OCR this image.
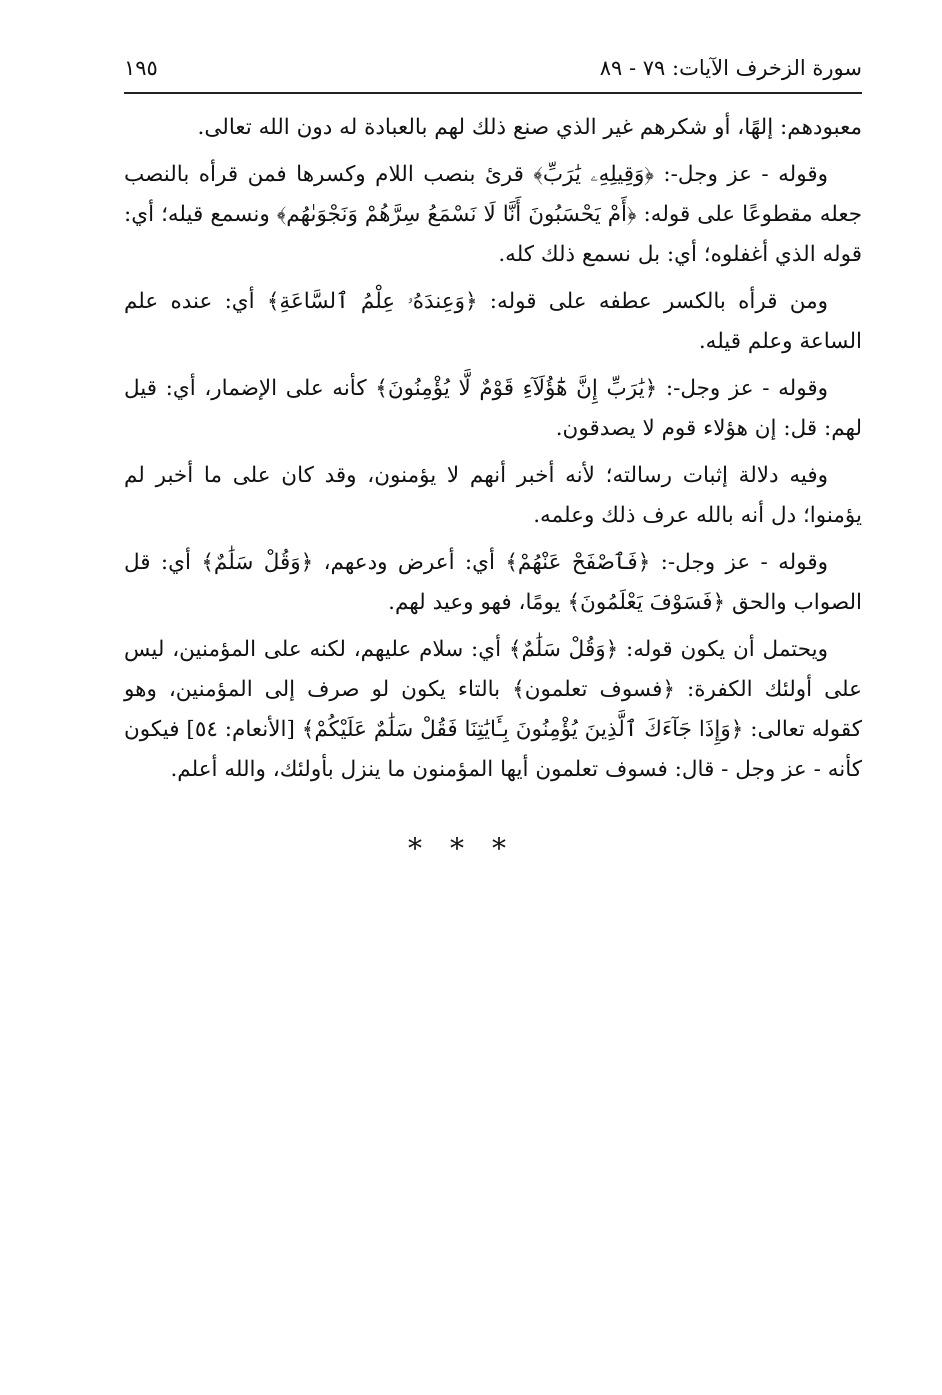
سورة الزخرف الآيات: ٧٩ - ٨٩
١٩٥

معبودهم: إلهًا، أو شكرهم غير الذي صنع ذلك لهم بالعبادة له دون الله تعالى.

وقوله - عز وجل-: ﴿وَقِيلِهِۦ يَٰرَبِّ﴾ قرئ بنصب اللام وكسرها فمن قرأه بالنصب جعله مقطوعًا على قوله: ﴿أَمْ يَحْسَبُونَ أَنَّا لَا نَسْمَعُ سِرَّهُمْ وَنَجْوَىٰهُم﴾ ونسمع قيله؛ أي: قوله الذي أغفلوه؛ أي: بل نسمع ذلك كله.

ومن قرأه بالكسر عطفه على قوله: ﴿وَعِندَهُۥ عِلْمُ ٱلسَّاعَةِ﴾ أي: عنده علم الساعة وعلم قيله.

وقوله - عز وجل-: ﴿يَٰرَبِّ إِنَّ هَٰٓؤُلَآءِ قَوْمٌ لَّا يُؤْمِنُونَ﴾ كأنه على الإضمار، أي: قيل لهم: قل: إن هؤلاء قوم لا يصدقون.

وفيه دلالة إثبات رسالته؛ لأنه أخبر أنهم لا يؤمنون، وقد كان على ما أخبر لم يؤمنوا؛ دل أنه بالله عرف ذلك وعلمه.

وقوله - عز وجل-: ﴿فَٱصْفَحْ عَنْهُمْ﴾ أي: أعرض ودعهم، ﴿وَقُلْ سَلَٰمٌ﴾ أي: قل الصواب والحق ﴿فَسَوْفَ يَعْلَمُونَ﴾ يومًا، فهو وعيد لهم.

ويحتمل أن يكون قوله: ﴿وَقُلْ سَلَٰمٌ﴾ أي: سلام عليهم، لكنه على المؤمنين، ليس على أولئك الكفرة: ﴿فسوف تعلمون﴾ بالتاء يكون لو صرف إلى المؤمنين، وهو كقوله تعالى: ﴿وَإِذَا جَآءَكَ ٱلَّذِينَ يُؤْمِنُونَ بِـَٔايَٰتِنَا فَقُلْ سَلَٰمٌ عَلَيْكُمْ﴾ [الأنعام: ٥٤] فيكون كأنه - عز وجل - قال: فسوف تعلمون أيها المؤمنون ما ينزل بأولئك، والله أعلم.

***
